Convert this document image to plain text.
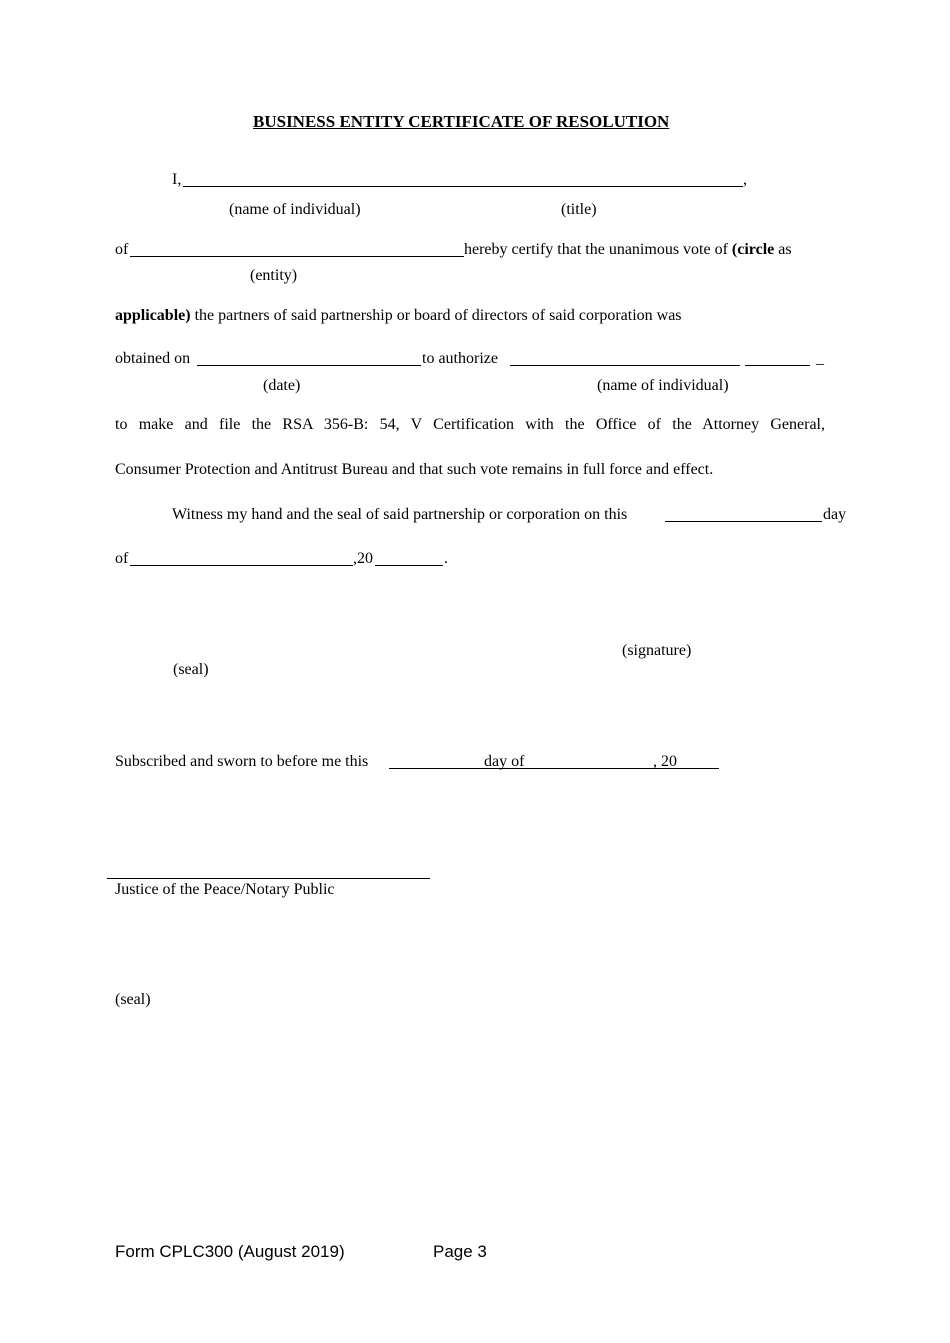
BUSINESS ENTITY CERTIFICATE OF RESOLUTION
I,	,
(name of individual)	(title)
of	hereby certify that the unanimous vote of (circle as
(entity)
applicable) the partners of said partnership or board of directors of said corporation was
obtained on	to authorize	_
(date)	(name of individual)
to make and file the RSA 356-B: 54, V Certification with the Office of the Attorney General,
Consumer Protection and Antitrust Bureau and that such vote remains in full force and effect.
Witness my hand and the seal of said partnership or corporation on this	day
of	,20	.
(signature)
(seal)
Subscribed and sworn to before me this	day of	, 20
Justice of the Peace/Notary Public
(seal)
Form CPLC300 (August 2019)	Page 3
